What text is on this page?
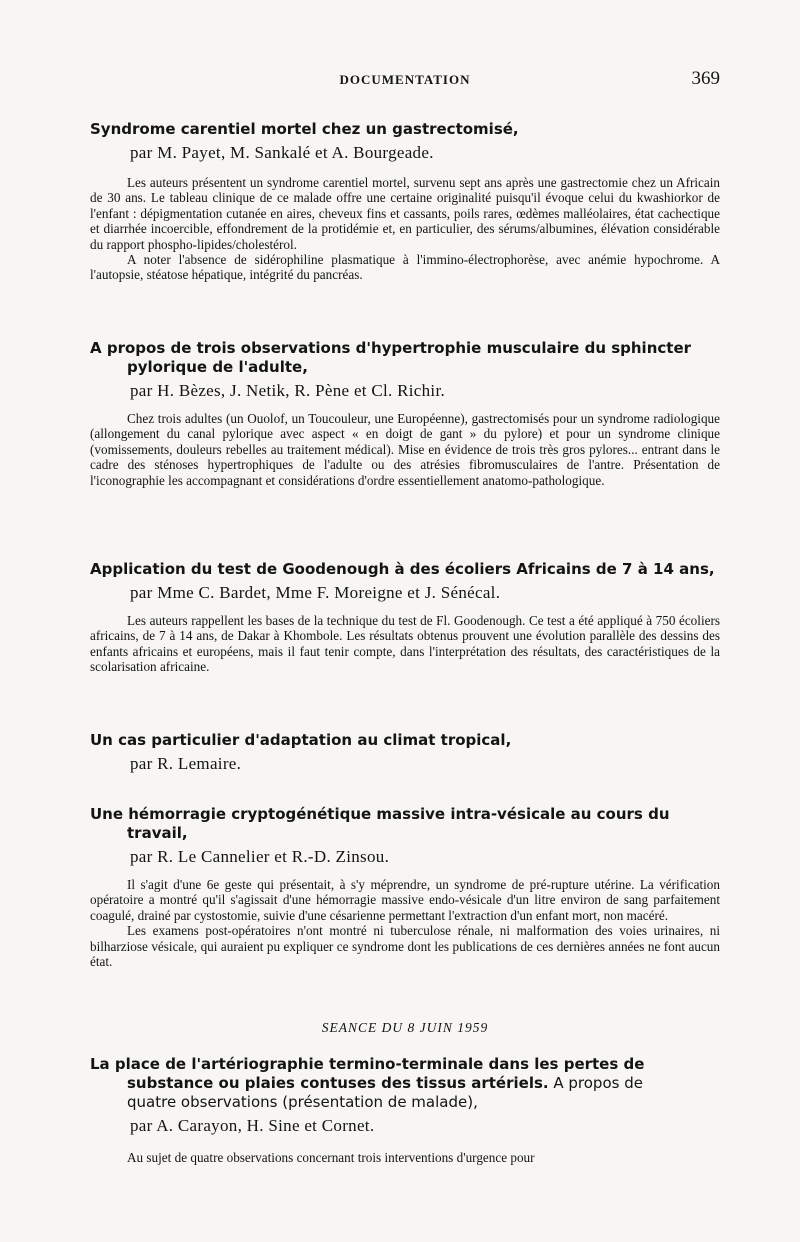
DOCUMENTATION	369
Syndrome carentiel mortel chez un gastrectomisé,
par M. Payet, M. Sankalé et A. Bourgeade.

Les auteurs présentent un syndrome carentiel mortel, survenu sept ans après une gastrectomie chez un Africain de 30 ans. Le tableau clinique de ce malade offre une certaine originalité puisqu'il évoque celui du kwashiorkor de l'enfant : dépigmentation cutanée en aires, cheveux fins et cassants, poils rares, œdèmes malléolaires, état cachectique et diarrhée incoercible, effondrement de la protidémie et, en particulier, des sérums/albumines, élévation considérable du rapport phospho-lipides/cholestérol.

A noter l'absence de sidérophiline plasmatique à l'immino-électrophorèse, avec anémie hypochrome. A l'autopsie, stéatose hépatique, intégrité du pancréas.

A propos de trois observations d'hypertrophie musculaire du sphincter
pylorique de l'adulte,
par H. Bèzes, J. Netik, R. Pène et Cl. Richir.

Chez trois adultes (un Ouolof, un Toucouleur, une Européenne), gastrectomisés pour un syndrome radiologique (allongement du canal pylorique avec aspect « en doigt de gant » du pylore) et pour un syndrome clinique (vomissements, douleurs rebelles au traitement médical). Mise en évidence de trois très gros pylores... entrant dans le cadre des sténoses hypertrophiques de l'adulte ou des atrésies fibromusculaires de l'antre. Présentation de l'iconographie les accompagnant et considérations d'ordre essentiellement anatomo-pathologique.

Application du test de Goodenough à des écoliers Africains de 7 à 14 ans,
par Mme C. Bardet, Mme F. Moreigne et J. Sénécal.

Les auteurs rappellent les bases de la technique du test de Fl. Goodenough. Ce test a été appliqué à 750 écoliers africains, de 7 à 14 ans, de Dakar à Khombole. Les résultats obtenus prouvent une évolution parallèle des dessins des enfants africains et européens, mais il faut tenir compte, dans l'interprétation des résultats, des caractéristiques de la scolarisation africaine.

Un cas particulier d'adaptation au climat tropical,
par R. Lemaire.
Une hémorragie cryptogénétique massive intra-vésicale au cours du
travail,
par R. Le Cannelier et R.-D. Zinsou.

Il s'agit d'une 6e geste qui présentait, à s'y méprendre, un syndrome de pré-rupture utérine. La vérification opératoire a montré qu'il s'agissait d'une hémorragie massive endo-vésicale d'un litre environ de sang parfaitement coagulé, drainé par cystostomie, suivie d'une césarienne permettant l'extraction d'un enfant mort, non macéré.

Les examens post-opératoires n'ont montré ni tuberculose rénale, ni malformation des voies urinaires, ni bilharziose vésicale, qui auraient pu expliquer ce syndrome dont les publications de ces dernières années ne font aucun état.

SEANCE DU 8 JUIN 1959
La place de l'artériographie termino-terminale dans les pertes de
substance ou plaies contuses des tissus artériels. A propos de
quatre observations (présentation de malade),
par A. Carayon, H. Sine et Cornet.

Au sujet de quatre observations concernant trois interventions d'urgence pour
